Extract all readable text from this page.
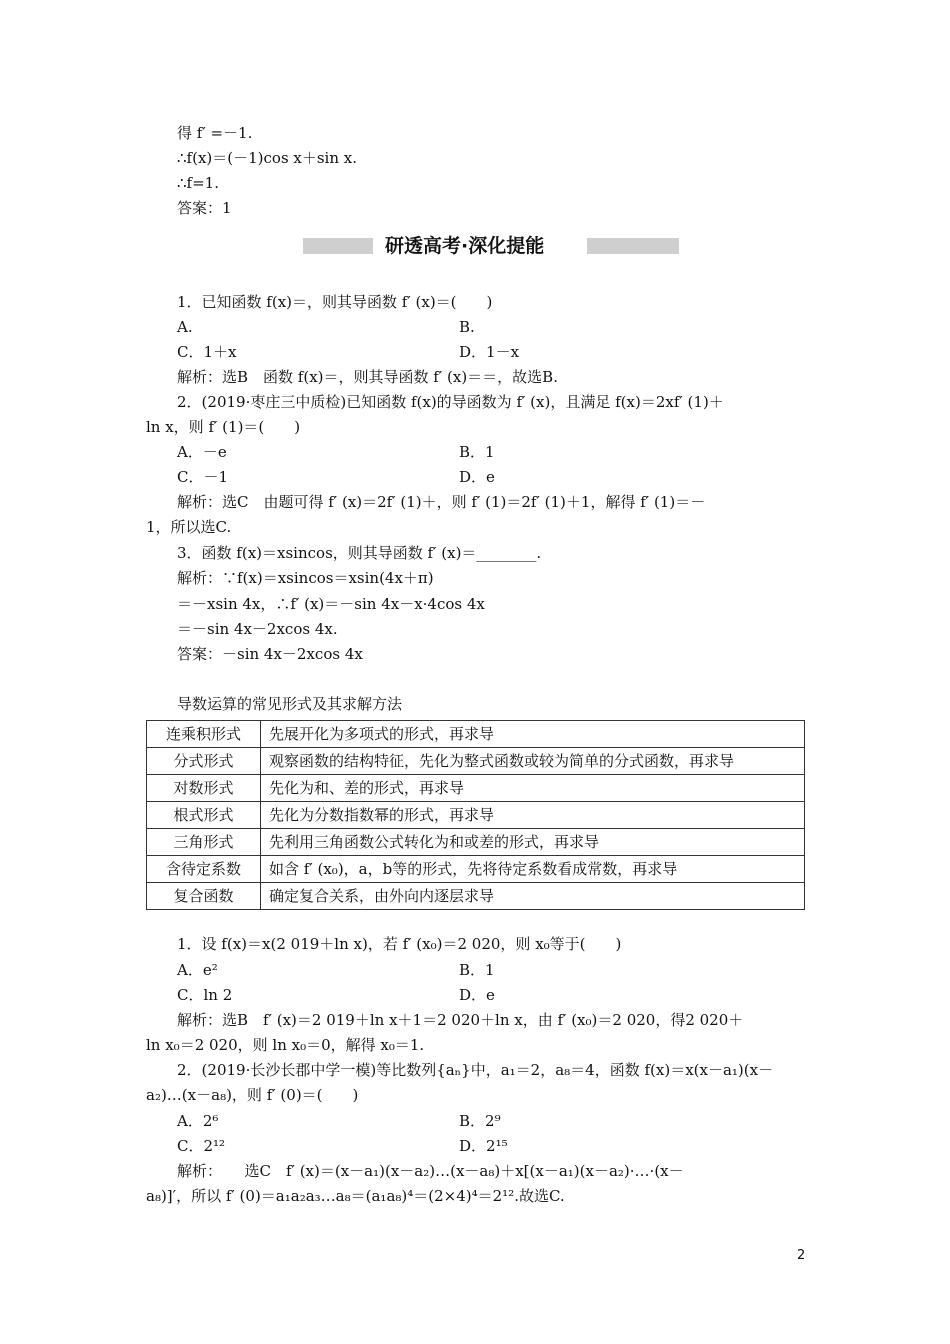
得 f′ =－1.
∴f(x)＝(－1)cos x＋sin x.
∴f=1.
答案：1
研透高考·深化提能
1．已知函数 f(x)＝，则其导函数 f′ (x)＝(　　)
A.	B.
C．1＋x	D．1－x
解析：选B　函数 f(x)＝，则其导函数 f′ (x)＝＝，故选B.
2．(2019·枣庄三中质检)已知函数 f(x)的导函数为 f′ (x)，且满足 f(x)＝2xf′ (1)＋
ln x，则 f′ (1)＝(　　)
A．－e	B．1
C．－1	D．e
解析：选C　由题可得 f′ (x)＝2f′ (1)＋，则 f′ (1)＝2f′ (1)＋1，解得 f′ (1)＝－
1，所以选C.
3．函数 f(x)＝xsincos，则其导函数 f′ (x)＝________.
解析：∵f(x)＝xsincos＝xsin(4x＋π)
＝－xsin 4x，∴f′ (x)＝－sin 4x－x·4cos 4x
＝－sin 4x－2xcos 4x.
答案：－sin 4x－2xcos 4x
导数运算的常见形式及其求解方法
连乘积形式	先展开化为多项式的形式，再求导
分式形式	观察函数的结构特征，先化为整式函数或较为简单的分式函数，再求导
对数形式	先化为和、差的形式，再求导
根式形式	先化为分数指数幂的形式，再求导
三角形式	先利用三角函数公式转化为和或差的形式，再求导
含待定系数	如含 f′ (x₀)，a，b等的形式，先将待定系数看成常数，再求导
复合函数	确定复合关系，由外向内逐层求导
1．设 f(x)＝x(2 019＋ln x)，若 f′ (x₀)＝2 020，则 x₀等于(　　)
A．e²	B．1
C．ln 2	D．e
解析：选B　f′ (x)＝2 019＋ln x＋1＝2 020＋ln x，由 f′ (x₀)＝2 020，得2 020＋
ln x₀＝2 020，则 ln x₀＝0，解得 x₀＝1.
2．(2019·长沙长郡中学一模)等比数列{aₙ}中，a₁＝2，a₈＝4，函数 f(x)＝x(x－a₁)(x－
a₂)…(x－a₈)，则 f′ (0)＝(　　)
A．2⁶	B．2⁹
C．2¹²	D．2¹⁵
解析：　　选C　f′ (x)＝(x－a₁)(x－a₂)…(x－a₈)＋x[(x－a₁)(x－a₂)·…·(x－
a₈)]′，所以 f′ (0)＝a₁a₂a₃…a₈＝(a₁a₈)⁴＝(2×4)⁴＝2¹².故选C.
2
